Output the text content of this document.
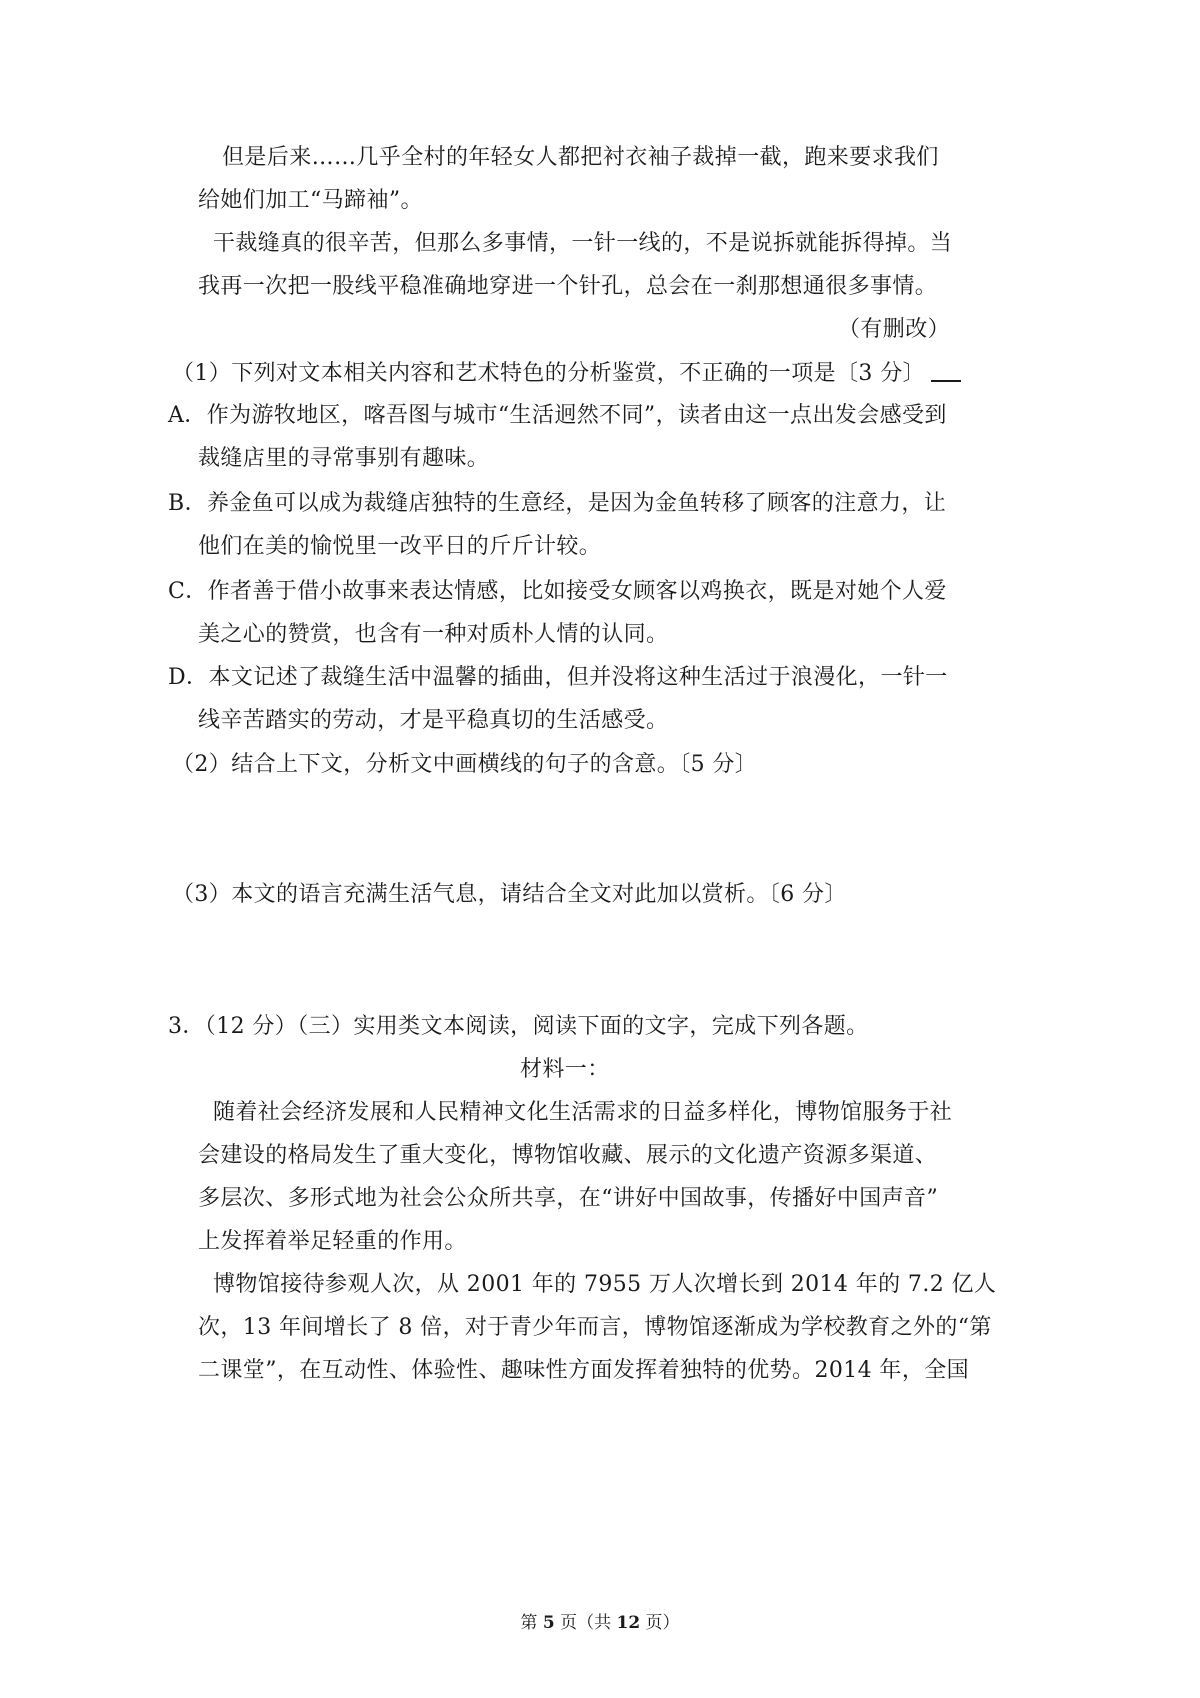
但是后来……几乎全村的年轻女人都把衬衣袖子裁掉一截，跑来要求我们
给她们加工“马蹄袖”。
干裁缝真的很辛苦，但那么多事情，一针一线的，不是说拆就能拆得掉。当
我再一次把一股线平稳准确地穿进一个针孔，总会在一刹那想通很多事情。
（有删改）
（1）下列对文本相关内容和艺术特色的分析鉴赏，不正确的一项是〔3 分〕
A．作为游牧地区，喀吾图与城市“生活迥然不同”，读者由这一点出发会感受到
裁缝店里的寻常事别有趣味。
B．养金鱼可以成为裁缝店独特的生意经，是因为金鱼转移了顾客的注意力，让
他们在美的愉悦里一改平日的斤斤计较。
C．作者善于借小故事来表达情感，比如接受女顾客以鸡换衣，既是对她个人爱
美之心的赞赏，也含有一种对质朴人情的认同。
D．本文记述了裁缝生活中温馨的插曲，但并没将这种生活过于浪漫化，一针一
线辛苦踏实的劳动，才是平稳真切的生活感受。
（2）结合上下文，分析文中画横线的句子的含意。〔5 分〕
（3）本文的语言充满生活气息，请结合全文对此加以赏析。〔6 分〕
3．（12 分）（三）实用类文本阅读，阅读下面的文字，完成下列各题。
材料一：
随着社会经济发展和人民精神文化生活需求的日益多样化，博物馆服务于社
会建设的格局发生了重大变化，博物馆收藏、展示的文化遗产资源多渠道、
多层次、多形式地为社会公众所共享，在“讲好中国故事，传播好中国声音”
上发挥着举足轻重的作用。
博物馆接待参观人次，从 2001 年的 7955 万人次增长到 2014 年的 7.2 亿人
次，13 年间增长了 8 倍，对于青少年而言，博物馆逐渐成为学校教育之外的“第
二课堂”，在互动性、体验性、趣味性方面发挥着独特的优势。2014 年，全国
第 5 页（共 12 页）
